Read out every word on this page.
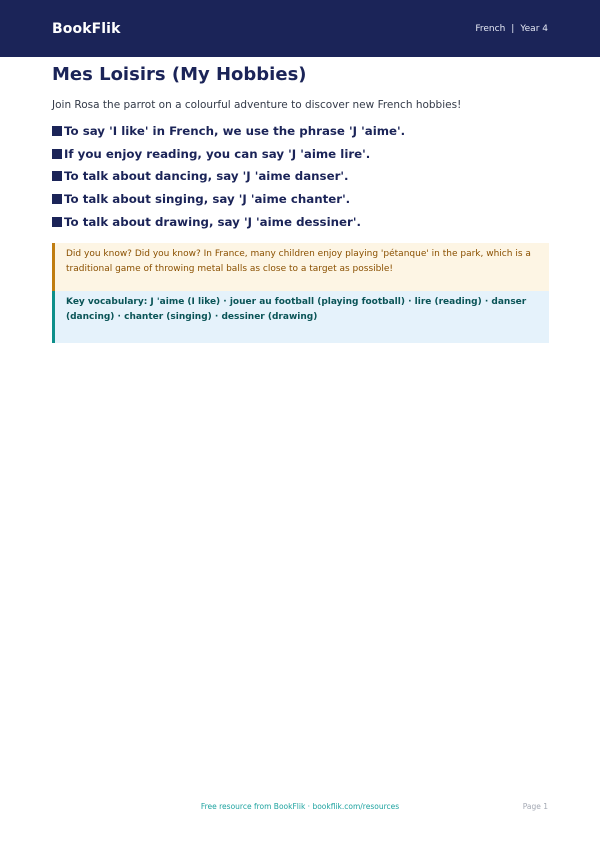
BookFlik	French | Year 4
Mes Loisirs (My Hobbies)

Join Rosa the parrot on a colourful adventure to discover new French hobbies!

To say 'I like' in French, we use the phrase 'J 'aime'.
If you enjoy reading, you can say 'J 'aime lire'.
To talk about dancing, say 'J 'aime danser'.
To talk about singing, say 'J 'aime chanter'.
To talk about drawing, say 'J 'aime dessiner'.
Did you know? Did you know? In France, many children enjoy playing 'pétanque' in the park, which is a traditional game of throwing metal balls as close to a target as possible!
Key vocabulary: J 'aime (I like) · jouer au football (playing football) · lire (reading) · danser (dancing) · chanter (singing) · dessiner (drawing)
Free resource from BookFlik · bookflik.com/resources	Page 1
